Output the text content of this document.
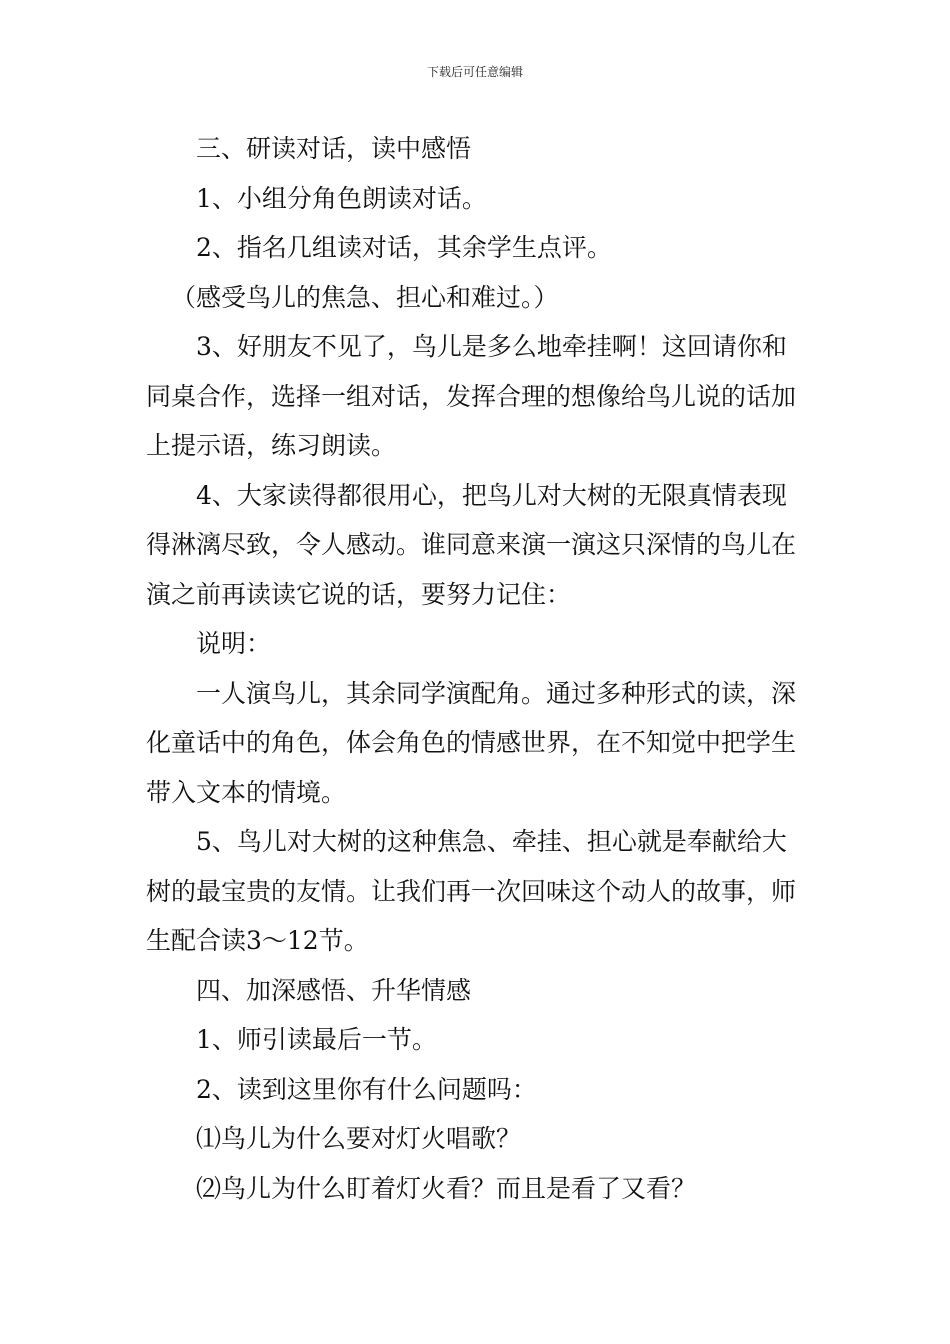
下载后可任意编辑

三、研读对话，读中感悟

1、小组分角色朗读对话。

2、指名几组读对话，其余学生点评。

（感受鸟儿的焦急、担心和难过。）

3、好朋友不见了，鸟儿是多么地牵挂啊！这回请你和同桌合作，选择一组对话，发挥合理的想像给鸟儿说的话加上提示语，练习朗读。

4、大家读得都很用心，把鸟儿对大树的无限真情表现得淋漓尽致，令人感动。谁同意来演一演这只深情的鸟儿在演之前再读读它说的话，要努力记住：

说明：

一人演鸟儿，其余同学演配角。通过多种形式的读，深化童话中的角色，体会角色的情感世界，在不知觉中把学生带入文本的情境。

5、鸟儿对大树的这种焦急、牵挂、担心就是奉献给大树的最宝贵的友情。让我们再一次回味这个动人的故事，师生配合读3～12节。

四、加深感悟、升华情感

1、师引读最后一节。

2、读到这里你有什么问题吗：

⑴鸟儿为什么要对灯火唱歌？

⑵鸟儿为什么盯着灯火看？而且是看了又看？
